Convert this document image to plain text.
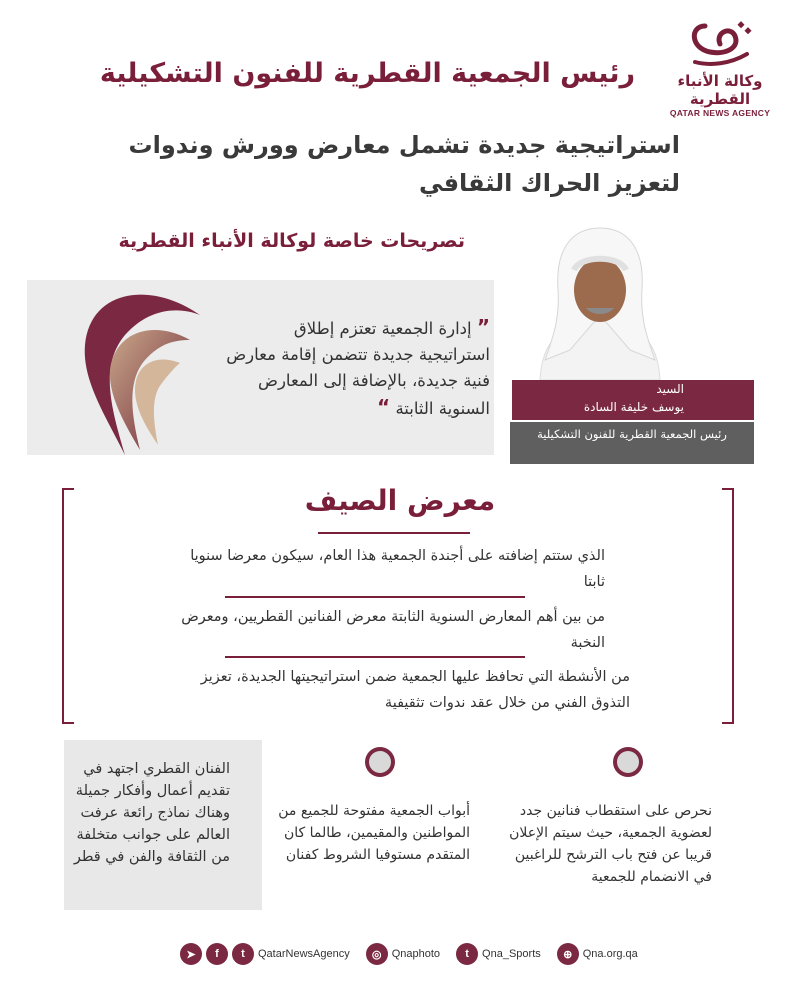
وكالة الأنباء القطرية
QATAR NEWS AGENCY
رئيس الجمعية القطرية للفنون التشكيلية
استراتيجية جديدة تشمل معارض وورش وندوات لتعزيز الحراك الثقافي
تصريحات خاصة لوكالة الأنباء القطرية
” إدارة الجمعية تعتزم إطلاق استراتيجية جديدة تتضمن إقامة معارض فنية جديدة، بالإضافة إلى المعارض السنوية الثابتة “
السيد
يوسف خليفة السادة
رئيس الجمعية القطرية للفنون التشكيلية
معرض الصيف
الذي ستتم إضافته على أجندة الجمعية هذا العام، سيكون معرضا سنويا ثابتا
من بين أهم المعارض السنوية الثابتة معرض الفنانين القطريين، ومعرض النخبة
من الأنشطة التي تحافظ عليها الجمعية ضمن استراتيجيتها الجديدة، تعزيز التذوق الفني من خلال عقد ندوات تثقيفية
نحرص على استقطاب فنانين جدد لعضوية الجمعية، حيث سيتم الإعلان قريبا عن فتح باب الترشح للراغبين في الانضمام للجمعية
أبواب الجمعية مفتوحة للجميع من المواطنين والمقيمين، طالما كان المتقدم مستوفيا الشروط كفنان
الفنان القطري اجتهد في تقديم أعمال وأفكار جميلة وهناك نماذج رائعة عرفت العالم على جوانب متخلفة من الثقافة والفن في قطر
➤	f	t	QatarNewsAgency	◎ Qnaphoto	t	Qna_Sports	⊕ Qna.org.qa
